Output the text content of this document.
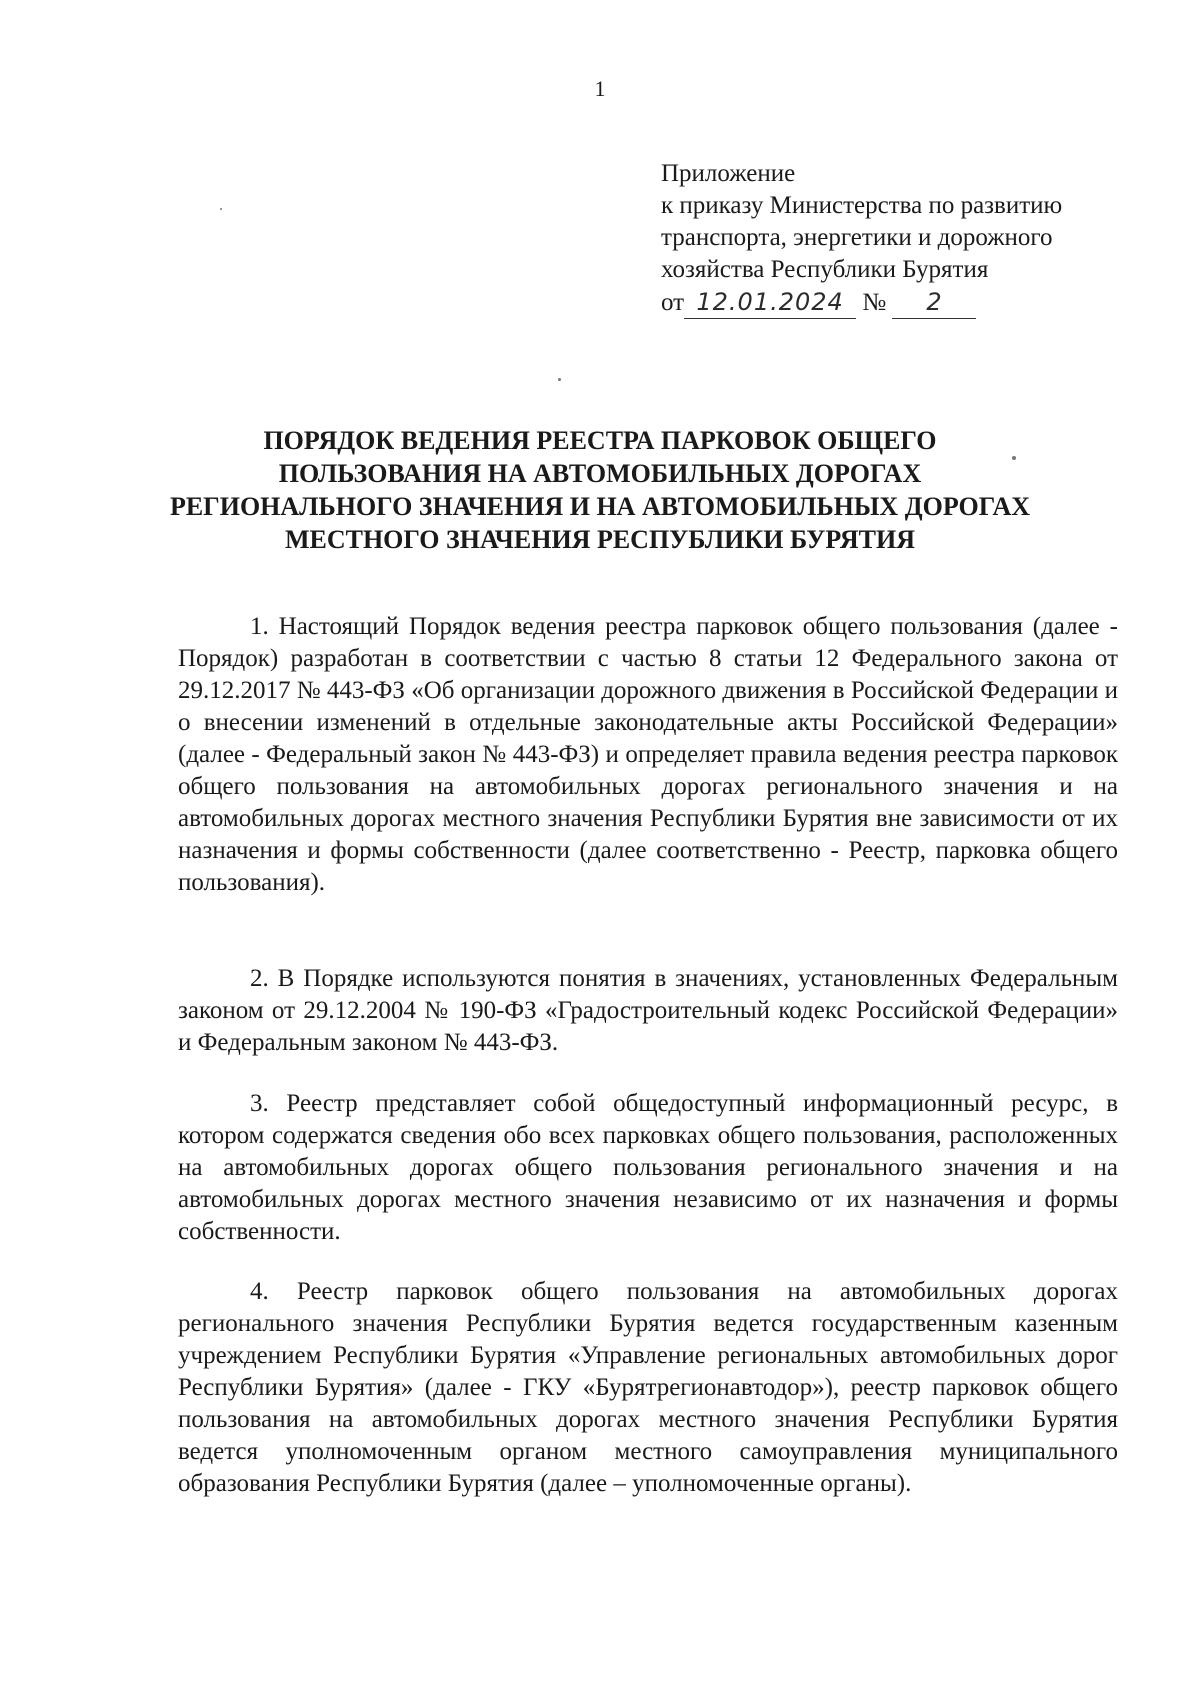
1
Приложение
к приказу Министерства по развитию
транспорта, энергетики и дорожного
хозяйства Республики Бурятия
от 12.01.2024 № 2
ПОРЯДОК ВЕДЕНИЯ РЕЕСТРА ПАРКОВОК ОБЩЕГО
ПОЛЬЗОВАНИЯ НА АВТОМОБИЛЬНЫХ ДОРОГАХ
РЕГИОНАЛЬНОГО ЗНАЧЕНИЯ И НА АВТОМОБИЛЬНЫХ ДОРОГАХ
МЕСТНОГО ЗНАЧЕНИЯ РЕСПУБЛИКИ БУРЯТИЯ

1. Настоящий Порядок ведения реестра парковок общего пользования (далее - Порядок) разработан в соответствии с частью 8 статьи 12 Федерального закона от 29.12.2017 № 443-ФЗ «Об организации дорожного движения в Российской Федерации и о внесении изменений в отдельные законодательные акты Российской Федерации» (далее - Федеральный закон № 443-ФЗ) и определяет правила ведения реестра парковок общего пользования на автомобильных дорогах регионального значения и на автомобильных дорогах местного значения Республики Бурятия вне зависимости от их назначения и формы собственности (далее соответственно - Реестр, парковка общего пользования).

2. В Порядке используются понятия в значениях, установленных Федеральным законом от 29.12.2004 № 190-ФЗ «Градостроительный кодекс Российской Федерации» и Федеральным законом № 443-ФЗ.

3. Реестр представляет собой общедоступный информационный ресурс, в котором содержатся сведения обо всех парковках общего пользования, расположенных на автомобильных дорогах общего пользования регионального значения и на автомобильных дорогах местного значения независимо от их назначения и формы собственности.

4. Реестр парковок общего пользования на автомобильных дорогах регионального значения Республики Бурятия ведется государственным казенным учреждением Республики Бурятия «Управление региональных автомобильных дорог Республики Бурятия» (далее - ГКУ «Бурятрегионавтодор»), реестр парковок общего пользования на автомобильных дорогах местного значения Республики Бурятия ведется уполномоченным органом местного самоуправления муниципального образования Республики Бурятия (далее – уполномоченные органы).
